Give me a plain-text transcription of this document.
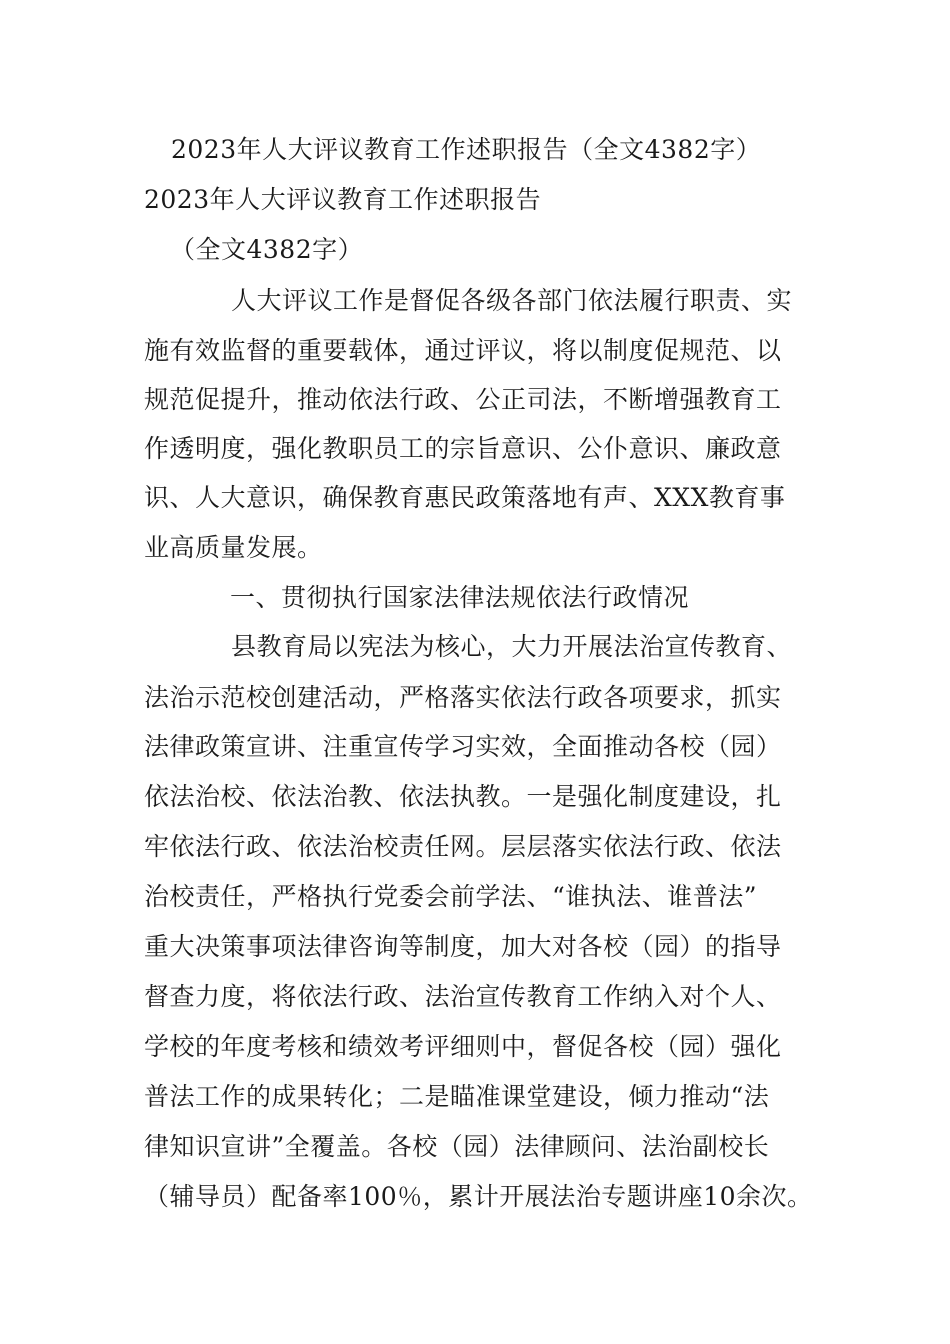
2023年人大评议教育工作述职报告（全文4382字）
2023年人大评议教育工作述职报告
（全文4382字）
人大评议工作是督促各级各部门依法履行职责、实
施有效监督的重要载体，通过评议，将以制度促规范、以
规范促提升，推动依法行政、公正司法，不断增强教育工
作透明度，强化教职员工的宗旨意识、公仆意识、廉政意
识、人大意识，确保教育惠民政策落地有声、XXX教育事
业高质量发展。
一、贯彻执行国家法律法规依法行政情况
县教育局以宪法为核心，大力开展法治宣传教育、
法治示范校创建活动，严格落实依法行政各项要求，抓实
法律政策宣讲、注重宣传学习实效，全面推动各校（园）
依法治校、依法治教、依法执教。一是强化制度建设，扎
牢依法行政、依法治校责任网。层层落实依法行政、依法
治校责任，严格执行党委会前学法、“谁执法、谁普法”
重大决策事项法律咨询等制度，加大对各校（园）的指导
督查力度，将依法行政、法治宣传教育工作纳入对个人、
学校的年度考核和绩效考评细则中，督促各校（园）强化
普法工作的成果转化；二是瞄准课堂建设，倾力推动“法
律知识宣讲”全覆盖。各校（园）法律顾问、法治副校长
（辅导员）配备率100％，累计开展法治专题讲座10余次。
